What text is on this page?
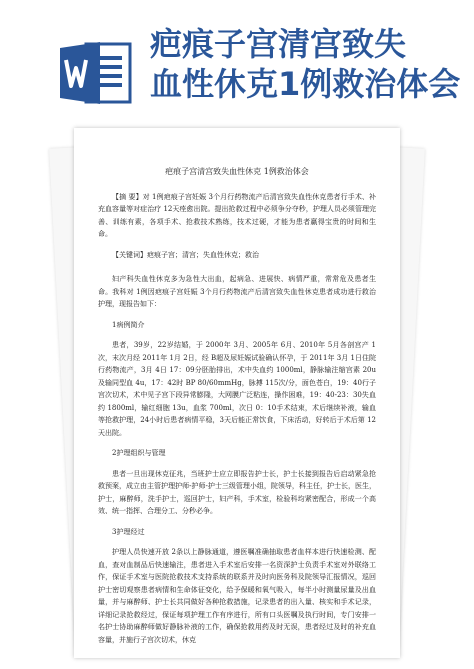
疤痕子宫清宫致失
血性休克1例救治体会
疤痕子宫清宫致失血性休克 1例救治体会
【摘 要】对 1例疤痕子宫妊娠 3个月行药物流产后清宫致失血性休克患者行手术、补充血容量等对症治疗 12天痊愈出院。提出抢救过程中必须争分夺秒，护理人员必须管理完善、训练有素，各项手术、抢救技术熟练，技术过硬，才能为患者赢得宝贵的时间和生命。
【关键词】疤痕子宫；清宫；失血性休克；救治
妇产科失血性休克多为急性大出血，起病急、进展快、病情严重，常常危及患者生命。我科对 1例因疤痕子宫妊娠 3个月行药物流产后清宫致失血性休克患者成功进行救治护理，现报告如下：
1病例简介
患者，39岁，22岁结婚，于 2000年 3月、2005年 6月、2010年 5月各剖宫产 1次，末次月经 2011年 1月 2日，经 B超及尿妊娠试验确认怀孕，于 2011年 3月 1日住院行药物流产，3月 4日 17：09分胚胎排出，术中失血约 1000ml，静脉输注缩宫素 20u及输同型血 4u，17：42时 BP 80/60mmHg，脉搏 115次/分，面色苍白，19：40行子宫次切术，术中见子宫下段异常膨隆，大网膜广泛粘连，操作困难，19：40-23：30失血约 1800ml，输红细胞 13u，血浆 700ml，次日 0：10手术结束，术后继续补液，输血等抢救护理，24小时后患者病情平稳，3天后能正常饮食，下床活动，好转后于术后第 12天出院。
2护理组织与管理
患者一旦出现休克征兆，当班护士应立即报告护士长，护士长接到报告后启动紧急抢救预案，成立由主管护理护师-护师-护士三级管理小组，院领导，科主任，护士长，医生，护士，麻醉师，洗手护士，巡回护士，妇产科，手术室，检验科均紧密配合，形成一个高效、统一指挥、合理分工、分秒必争。
3护理经过
护理人员快速开放 2条以上静脉通道，遵医嘱准确抽取患者血样本进行快速检测、配血，查对血制品后快速输注，患者进入手术室后安排一名资深护士负责手术室对外联络工作，保证手术室与医院抢救技术支持系统的联系并及时向医务科及院领导汇报情况，巡回护士密切观察患者病情和生命体征变化，给予保暖和氧气吸入，每半小时测量尿量及出血量，并与麻醉师、护士长共同做好各种抢救措施，记录患者的出入量、核实和手术记录，详细记录抢救经过，保证每项护理工作有序进行，所有口头医嘱及执行时间，专门安排一名护士协助麻醉师做好静脉补液的工作，确保抢救用药及时无误，患者经过及时的补充血容量，并施行子宫次切术，休克
